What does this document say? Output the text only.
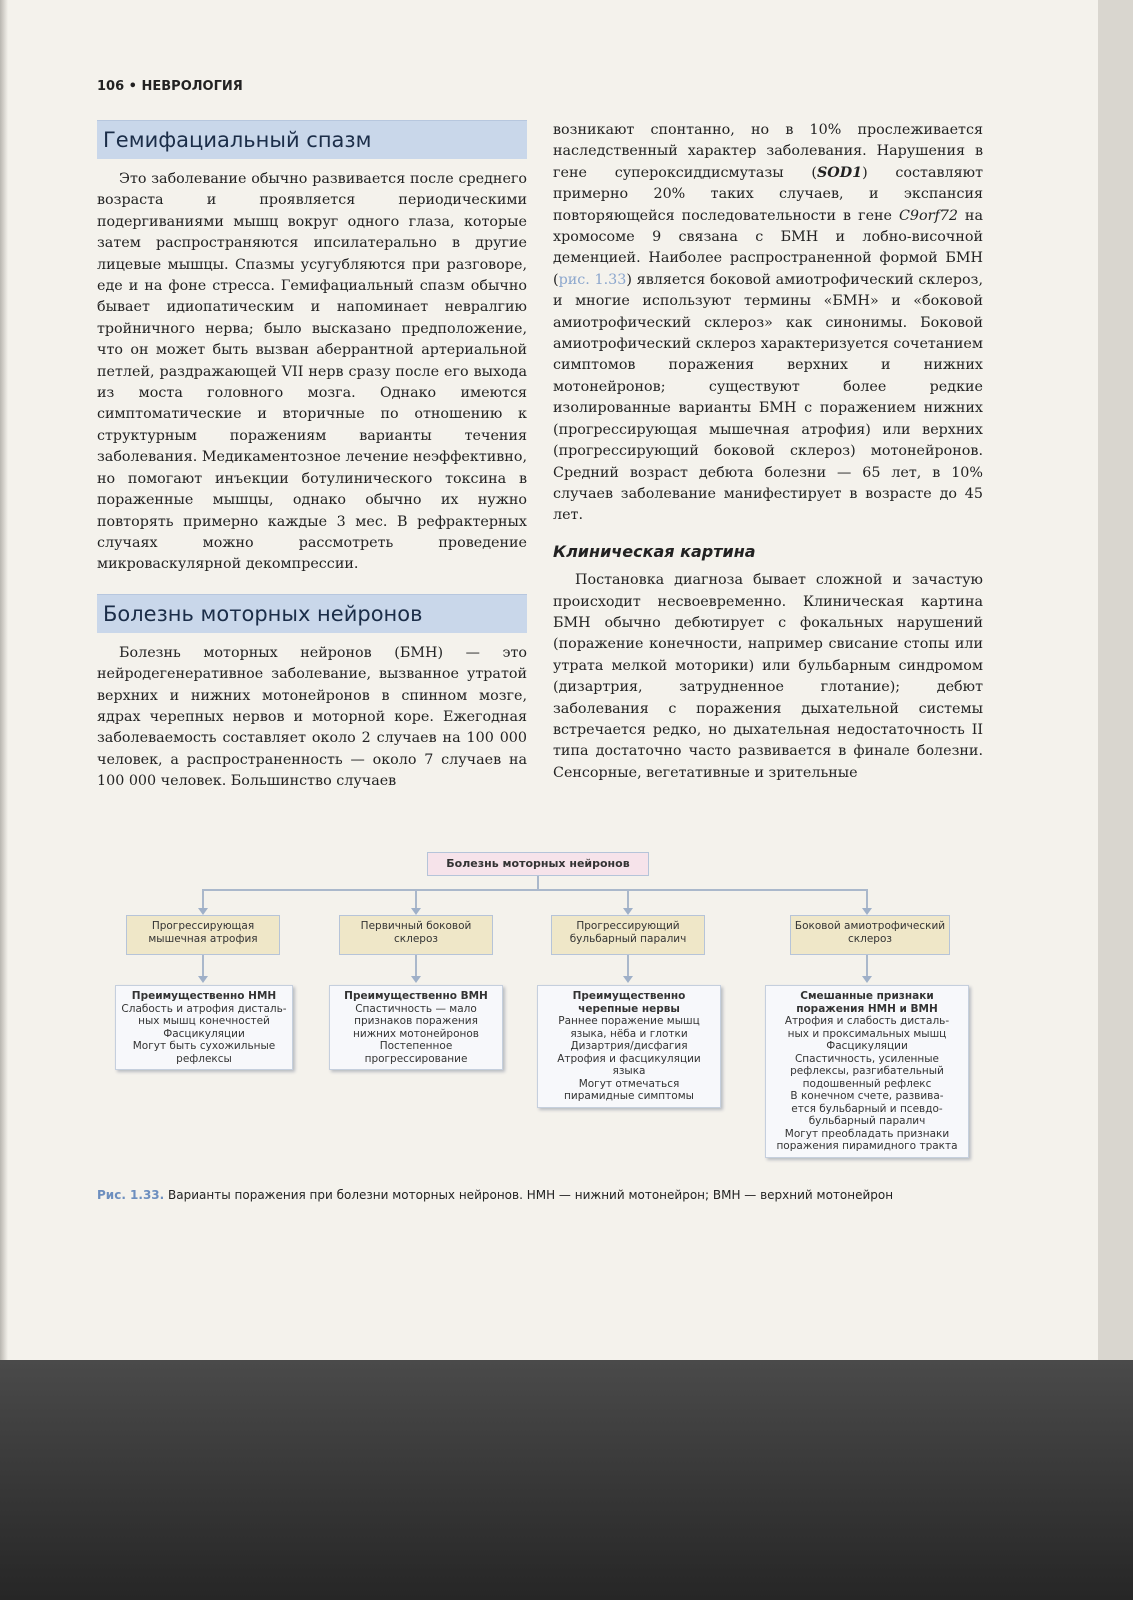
106 • НЕВРОЛОГИЯ
Гемифациальный спазм

Это заболевание обычно развивается после среднего возраста и проявляется периодическими подергиваниями мышц вокруг одного глаза, которые затем распространяются ипсилатерально в другие лицевые мышцы. Спазмы усугубляются при разговоре, еде и на фоне стресса. Гемифациальный спазм обычно бывает идиопатическим и напоминает невралгию тройничного нерва; было высказано предположение, что он может быть вызван аберрантной артериальной петлей, раздражающей VII нерв сразу после его выхода из моста головного мозга. Однако имеются симптоматические и вторичные по отношению к структурным поражениям варианты течения заболевания. Медикаментозное лечение неэффективно, но помогают инъекции ботулинического токсина в пораженные мышцы, однако обычно их нужно повторять примерно каждые 3 мес. В рефрактерных случаях можно рассмотреть проведение микроваскулярной декомпрессии.

Болезнь моторных нейронов

Болезнь моторных нейронов (БМН) — это нейродегенеративное заболевание, вызванное утратой верхних и нижних мотонейронов в спинном мозге, ядрах черепных нервов и моторной коре. Ежегодная заболеваемость составляет около 2 случаев на 100 000 человек, а распространенность — около 7 случаев на 100 000 человек. Большинство случаев

возникают спонтанно, но в 10% прослеживается наследственный характер заболевания. Нарушения в гене супероксиддисмутазы (SOD1) составляют примерно 20% таких случаев, и экспансия повторяющейся последовательности в гене C9orf72 на хромосоме 9 связана с БМН и лобно-височной деменцией. Наиболее распространенной формой БМН (рис. 1.33) является боковой амиотрофический склероз, и многие используют термины «БМН» и «боковой амиотрофический склероз» как синонимы. Боковой амиотрофический склероз характеризуется сочетанием симптомов поражения верхних и нижних мотонейронов; существуют более редкие изолированные варианты БМН с поражением нижних (прогрессирующая мышечная атрофия) или верхних (прогрессирующий боковой склероз) мотонейронов. Средний возраст дебюта болезни — 65 лет, в 10% случаев заболевание манифестирует в возрасте до 45 лет.

Клиническая картина

Постановка диагноза бывает сложной и зачастую происходит несвоевременно. Клиническая картина БМН обычно дебютирует с фокальных нарушений (поражение конечности, например свисание стопы или утрата мелкой моторики) или бульбарным синдромом (дизартрия, затрудненное глотание); дебют заболевания с поражения дыхательной системы встречается редко, но дыхательная недостаточность II типа достаточно часто развивается в финале болезни. Сенсорные, вегетативные и зрительные

Болезнь моторных нейронов
Прогрессирующая мышечная атрофия
Первичный боковой склероз
Прогрессирующий бульбарный паралич
Боковой амиотрофический склероз
Преимущественно НМН
Слабость и атрофия дисталь-
ных мышц конечностей
Фасцикуляции
Могут быть сухожильные
рефлексы
Преимущественно ВМН
Спастичность — мало
признаков поражения
нижних мотонейронов
Постепенное
прогрессирование
Преимущественно черепные нервы
Раннее поражение мышц
языка, нёба и глотки
Дизартрия/дисфагия
Атрофия и фасцикуляции
языка
Могут отмечаться
пирамидные симптомы
Смешанные признаки поражения НМН и ВМН
Атрофия и слабость дисталь-
ных и проксимальных мышц
Фасцикуляции
Спастичность, усиленные
рефлексы, разгибательный
подошвенный рефлекс
В конечном счете, развива-
ется бульбарный и псевдо-
бульбарный паралич
Могут преобладать признаки
поражения пирамидного тракта
Рис. 1.33. Варианты поражения при болезни моторных нейронов. НМН — нижний мотонейрон; ВМН — верхний мотонейрон
